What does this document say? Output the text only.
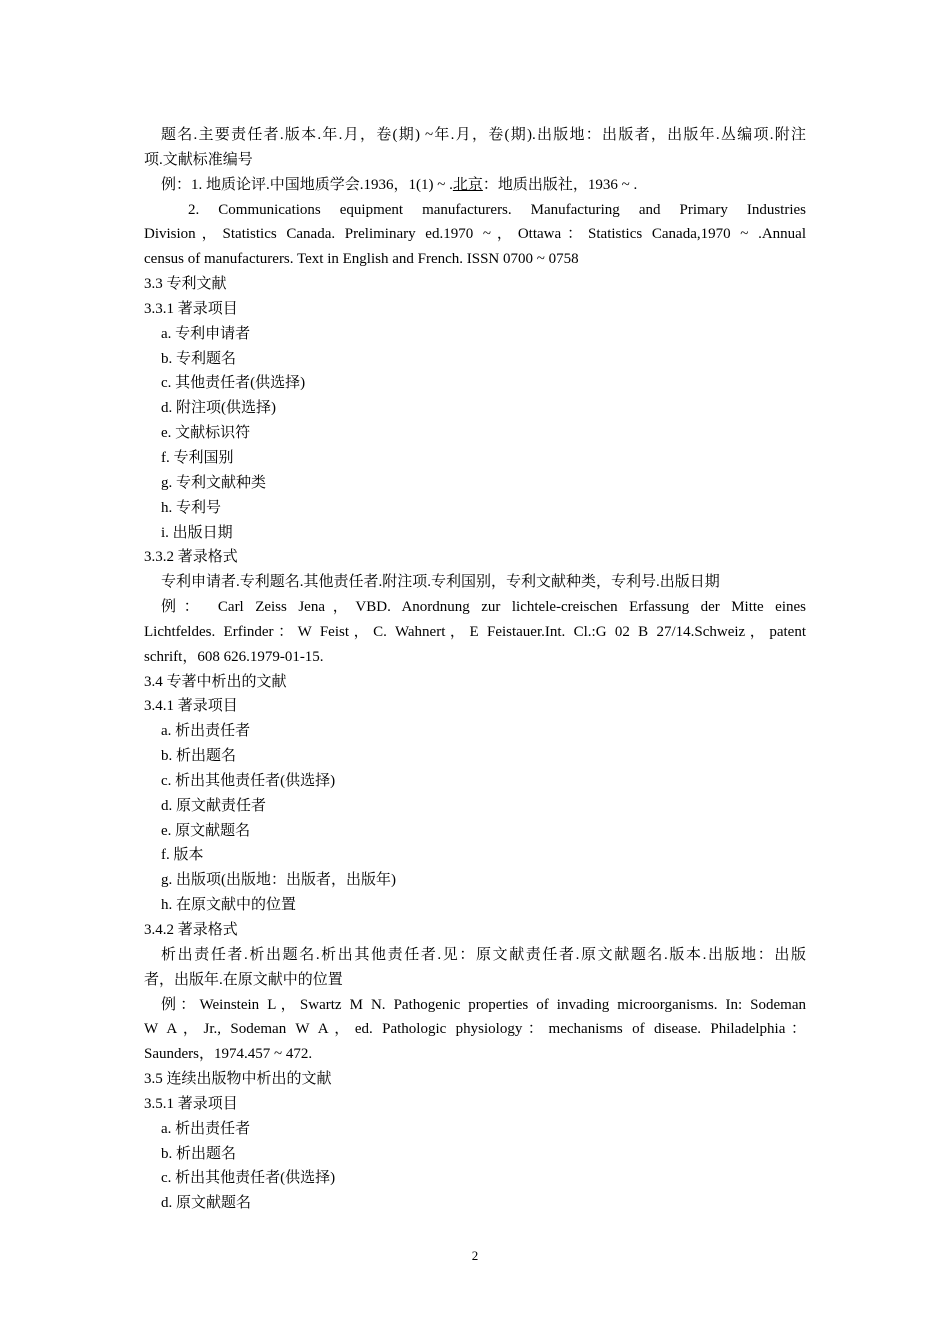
题名.主要责任者.版本.年.月，卷(期) ~年.月，卷(期).出版地：出版者，出版年.丛编项.附注
项.文献标准编号
例：1. 地质论评.中国地质学会.1936，1(1) ~ .北京：地质出版社，1936 ~ .
2. Communications equipment manufacturers. Manufacturing and Primary Industries
Division，Statistics Canada. Preliminary ed.1970 ~，Ottawa：Statistics Canada,1970 ~ .Annual
census of manufacturers. Text in English and French. ISSN 0700 ~ 0758
3.3 专利文献
3.3.1 著录项目
a. 专利申请者
b. 专利题名
c. 其他责任者(供选择)
d. 附注项(供选择)
e. 文献标识符
f. 专利国别
g. 专利文献种类
h. 专利号
i. 出版日期
3.3.2 著录格式
专利申请者.专利题名.其他责任者.附注项.专利国别，专利文献种类，专利号.出版日期
例： Carl Zeiss Jena，VBD. Anordnung zur lichtele-creischen Erfassung der Mitte eines
Lichtfeldes. Erfinder：W Feist，C. Wahnert，E Feistauer.Int. Cl.:G 02 B 27/14.Schweiz，patent
schrift，608 626.1979-01-15.
3.4 专著中析出的文献
3.4.1 著录项目
a. 析出责任者
b. 析出题名
c. 析出其他责任者(供选择)
d. 原文献责任者
e. 原文献题名
f. 版本
g. 出版项(出版地：出版者，出版年)
h. 在原文献中的位置
3.4.2 著录格式
析出责任者.析出题名.析出其他责任者.见：原文献责任者.原文献题名.版本.出版地：出版
者，出版年.在原文献中的位置
例：Weinstein L，Swartz M N. Pathogenic properties of invading microorganisms. In: Sodeman
W A，Jr., Sodeman W A，ed. Pathologic physiology：mechanisms of disease. Philadelphia：
Saunders，1974.457 ~ 472.
3.5 连续出版物中析出的文献
3.5.1 著录项目
a. 析出责任者
b. 析出题名
c. 析出其他责任者(供选择)
d. 原文献题名
2
